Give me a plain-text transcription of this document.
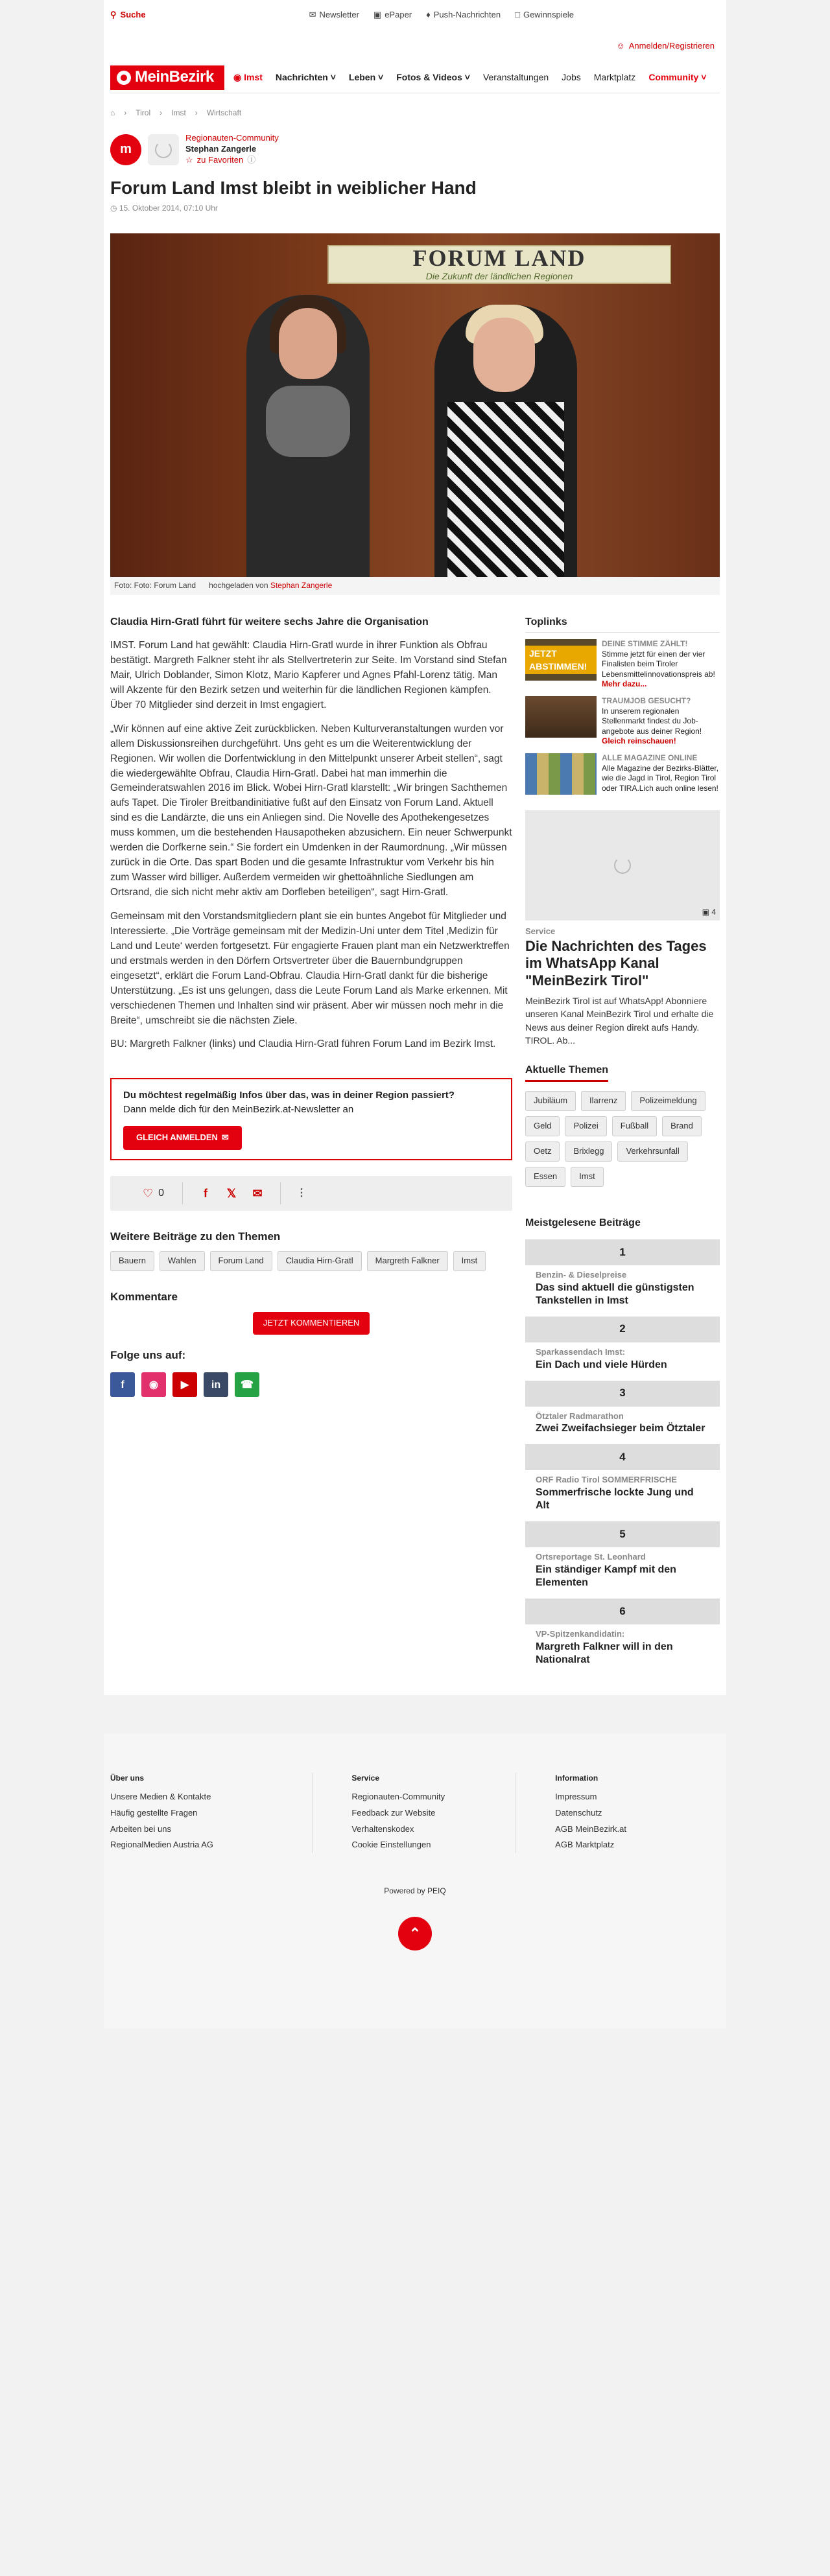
⚲ Suche	✉ Newsletter ▣ ePaper ♦ Push-Nachrichten □ Gewinnspiele
☺ Anmelden/Registrieren
MeinBezirk ◉ Imst Nachrichten ˅ Leben ˅ Fotos & Videos ˅ Veranstaltungen Jobs Marktplatz Community ˅
⌂ › Tirol › Imst › Wirtschaft
m
Regionauten-Community
Stephan Zangerle
☆ zu Favoriten ⓘ
Forum Land Imst bleibt in weiblicher Hand
◷ 15. Oktober 2014, 07:10 Uhr
FORUM LAND
Die Zukunft der ländlichen Regionen
Foto: Foto: Forum Land hochgeladen von Stephan Zangerle
Claudia Hirn-Gratl führt für weitere sechs Jahre die Organisation

IMST. Forum Land hat gewählt: Claudia Hirn-Gratl wurde in ihrer Funktion als Obfrau bestätigt. Margreth Falkner steht ihr als Stellvertreterin zur Seite. Im Vorstand sind Stefan Mair, Ulrich Doblander, Simon Klotz, Mario Kapferer und Agnes Pfahl-Lorenz tätig. Man will Akzente für den Bezirk setzen und weiterhin für die ländlichen Regionen kämpfen. Über 70 Mitglieder sind derzeit in Imst engagiert.

„Wir können auf eine aktive Zeit zurückblicken. Neben Kulturveranstaltungen wurden vor allem Diskussionsreihen durchgeführt. Uns geht es um die Weiterentwicklung der Regionen. Wir wollen die Dorfentwicklung in den Mittelpunkt unserer Arbeit stellen“, sagt die wiedergewählte Obfrau, Claudia Hirn-Gratl. Dabei hat man immerhin die Gemeinderatswahlen 2016 im Blick. Wobei Hirn-Gratl klarstellt: „Wir bringen Sachthemen aufs Tapet. Die Tiroler Breitbandinitiative fußt auf den Einsatz von Forum Land. Aktuell sind es die Landärzte, die uns ein Anliegen sind. Die Novelle des Apothekengesetzes muss kommen, um die bestehenden Hausapotheken abzusichern. Ein neuer Schwerpunkt werden die Dorfkerne sein.“ Sie fordert ein Umdenken in der Raumordnung. „Wir müssen zurück in die Orte. Das spart Boden und die gesamte Infrastruktur vom Verkehr bis hin zum Wasser wird billiger. Außerdem vermeiden wir ghettoähnliche Siedlungen am Ortsrand, die sich nicht mehr aktiv am Dorfleben beteiligen“, sagt Hirn-Gratl.

Gemeinsam mit den Vorstandsmitgliedern plant sie ein buntes Angebot für Mitglieder und Interessierte. „Die Vorträge gemeinsam mit der Medizin-Uni unter dem Titel ‚Medizin für Land und Leute‘ werden fortgesetzt. Für engagierte Frauen plant man ein Netzwerktreffen und erstmals werden in den Dörfern Ortsvertreter über die Bauernbundgruppen eingesetzt“, erklärt die Forum Land-Obfrau. Claudia Hirn-Gratl dankt für die bisherige Unterstützung. „Es ist uns gelungen, dass die Leute Forum Land als Marke erkennen. Mit verschiedenen Themen und Inhalten sind wir präsent. Aber wir müssen noch mehr in die Breite“, umschreibt sie die nächsten Ziele.

BU: Margreth Falkner (links) und Claudia Hirn-Gratl führen Forum Land im Bezirk Imst.

Du möchtest regelmäßig Infos über das, was in deiner Region passiert?
Dann melde dich für den MeinBezirk.at-Newsletter an
GLEICH ANMELDEN ✉
♡ 0	f	𝕏 ✉	⋮
Weitere Beiträge zu den Themen
Bauern	Wahlen	Forum Land	Claudia Hirn-Gratl	Margreth Falkner	Imst
Kommentare
JETZT KOMMENTIEREN
Folge uns auf:
f	◉	▶	in	☎
Toplinks
JETZT ABSTIMMEN!
DEINE STIMME ZÄHLT!
Stimme jetzt für einen der vier Finalisten beim Tiroler Lebensmittelinnovationspreis ab! Mehr dazu...
TRAUMJOB GESUCHT?
In unserem regionalen Stellenmarkt findest du Job-angebote aus deiner Region! Gleich reinschauen!
ALLE MAGAZINE ONLINE
Alle Magazine der Bezirks-Blätter, wie die Jagd in Tirol, Region Tirol oder TIRA.Lich auch online lesen!
▣ 4
Service
Die Nachrichten des Tages im WhatsApp Kanal "MeinBezirk Tirol"

MeinBezirk Tirol ist auf WhatsApp! Abonniere unseren Kanal MeinBezirk Tirol und erhalte die News aus deiner Region direkt aufs Handy. TIROL. Ab...

Aktuelle Themen
Jubiläum	Ilarrenz	Polizeimeldung
Geld	Polizei	Fußball	Brand
Oetz	Brixlegg	Verkehrsunfall
Essen	Imst
Meistgelesene Beiträge
1
Benzin- & Dieselpreise
Das sind aktuell die günstigsten Tankstellen in Imst
2
Sparkassendach Imst:
Ein Dach und viele Hürden
3
Ötztaler Radmarathon
Zwei Zweifachsieger beim Ötztaler
4
ORF Radio Tirol SOMMERFRISCHE
Sommerfrische lockte Jung und Alt
5
Ortsreportage St. Leonhard
Ein ständiger Kampf mit den Elementen
6
VP-Spitzenkandidatin:
Margreth Falkner will in den Nationalrat
Über uns
Unsere Medien & Kontakte
Häufig gestellte Fragen
Arbeiten bei uns
RegionalMedien Austria AG
Service
Regionauten-Community
Feedback zur Website
Verhaltenskodex
Cookie Einstellungen
Information
Impressum
Datenschutz
AGB MeinBezirk.at
AGB Marktplatz
Powered by PEIQ
⌃
